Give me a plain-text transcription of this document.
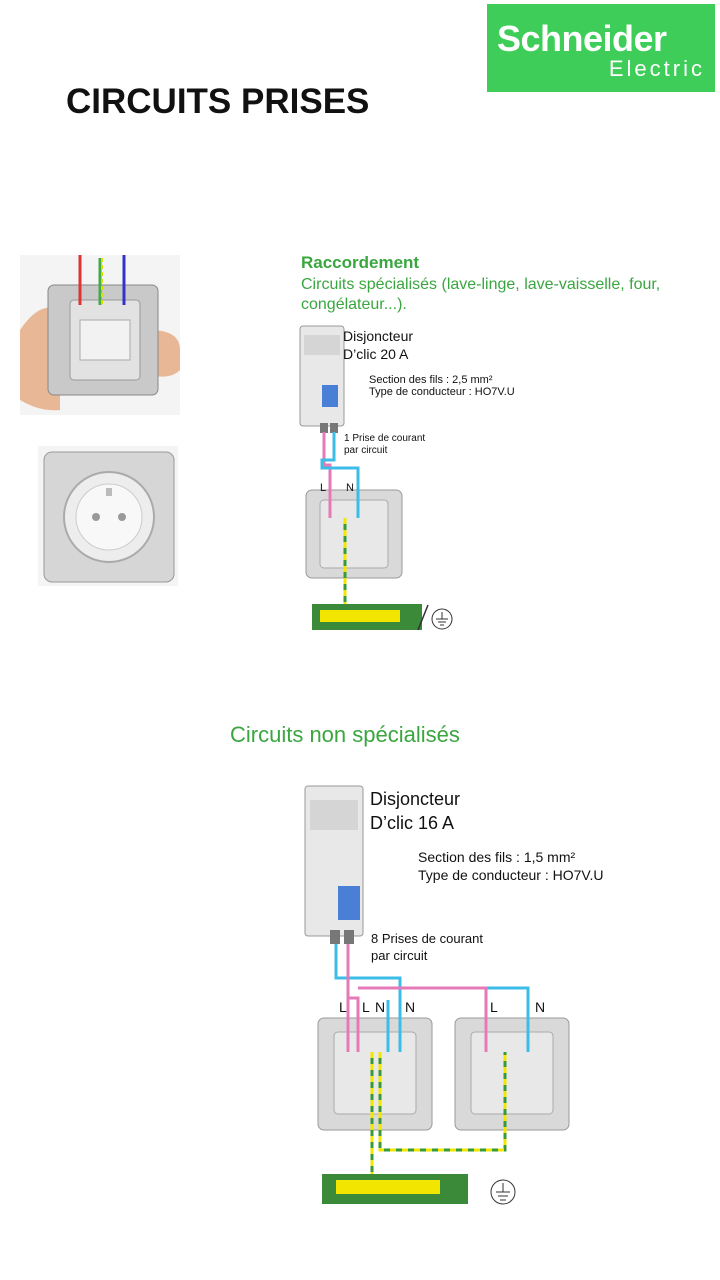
Schneider
Electric
CIRCUITS PRISES
Raccordement
Circuits spécialisés (lave-linge, lave-vaisselle, four, congélateur...).
Disjoncteur
D’clic 20 A
Section des fils : 2,5 mm²
Type de conducteur : HO7V.U
1 Prise de courant
par circuit
L N
Circuits non spécialisés
Disjoncteur
D’clic 16 A
Section des fils : 1,5 mm²
Type de conducteur : HO7V.U
8 Prises de courant
par circuit
L L N N	L	N
